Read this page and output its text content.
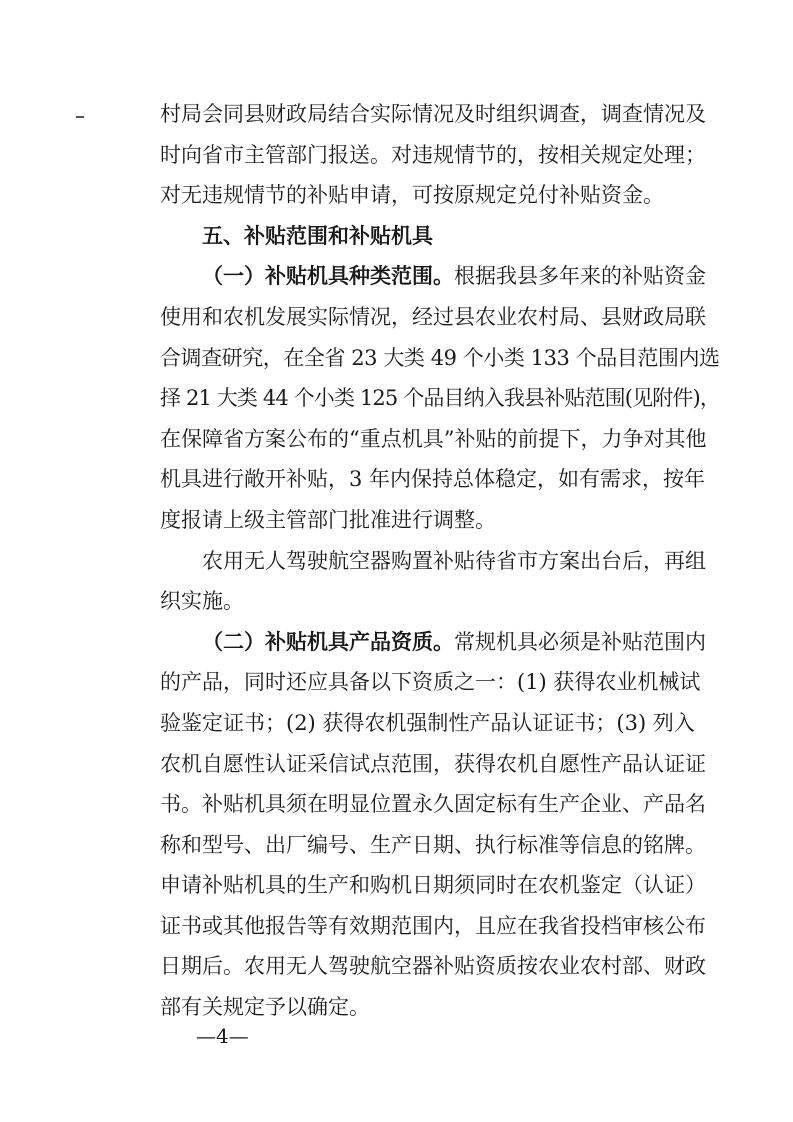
村局会同县财政局结合实际情况及时组织调查，调查情况及
时向省市主管部门报送。对违规情节的，按相关规定处理；
对无违规情节的补贴申请，可按原规定兑付补贴资金。
五、补贴范围和补贴机具
（一）补贴机具种类范围。根据我县多年来的补贴资金
使用和农机发展实际情况，经过县农业农村局、县财政局联
合调查研究，在全省 23 大类 49 个小类 133 个品目范围内选
择 21 大类 44 个小类 125 个品目纳入我县补贴范围(见附件)，
在保障省方案公布的“重点机具”补贴的前提下，力争对其他
机具进行敞开补贴，3 年内保持总体稳定，如有需求，按年
度报请上级主管部门批准进行调整。
农用无人驾驶航空器购置补贴待省市方案出台后，再组
织实施。
（二）补贴机具产品资质。常规机具必须是补贴范围内
的产品，同时还应具备以下资质之一：(1) 获得农业机械试
验鉴定证书；(2) 获得农机强制性产品认证证书；(3) 列入
农机自愿性认证采信试点范围，获得农机自愿性产品认证证
书。补贴机具须在明显位置永久固定标有生产企业、产品名
称和型号、出厂编号、生产日期、执行标准等信息的铭牌。
申请补贴机具的生产和购机日期须同时在农机鉴定（认证）
证书或其他报告等有效期范围内，且应在我省投档审核公布
日期后。农用无人驾驶航空器补贴资质按农业农村部、财政
部有关规定予以确定。
—4—
